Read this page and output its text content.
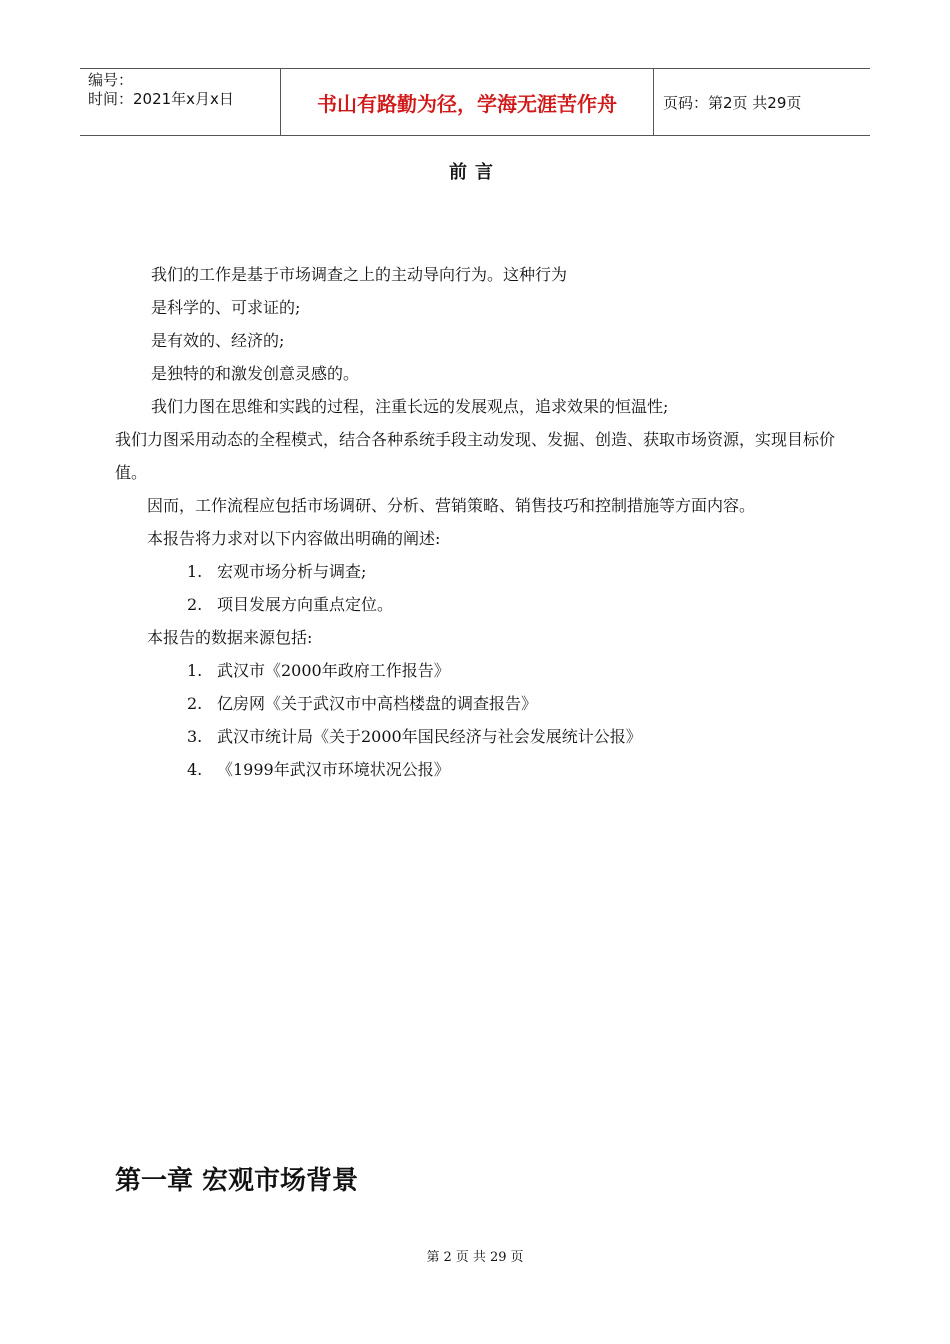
编号：
时间：2021年x月x日	书山有路勤为径，学海无涯苦作舟	页码：第2页 共29页
前言

我们的工作是基于市场调查之上的主动导向行为。这种行为

是科学的、可求证的;

是有效的、经济的;

是独特的和激发创意灵感的。

我们力图在思维和实践的过程，注重长远的发展观点，追求效果的恒温性;

我们力图采用动态的全程模式，结合各种系统手段主动发现、发掘、创造、获取市场资源，实现目标价值。

因而，工作流程应包括市场调研、分析、营销策略、销售技巧和控制措施等方面内容。

本报告将力求对以下内容做出明确的阐述:

1. 宏观市场分析与调查;
2. 项目发展方向重点定位。

本报告的数据来源包括:

1. 武汉市《2000年政府工作报告》
2. 亿房网《关于武汉市中高档楼盘的调查报告》
3. 武汉市统计局《关于2000年国民经济与社会发展统计公报》
4. 《1999年武汉市环境状况公报》
第一章 宏观市场背景
第 2 页 共 29 页
